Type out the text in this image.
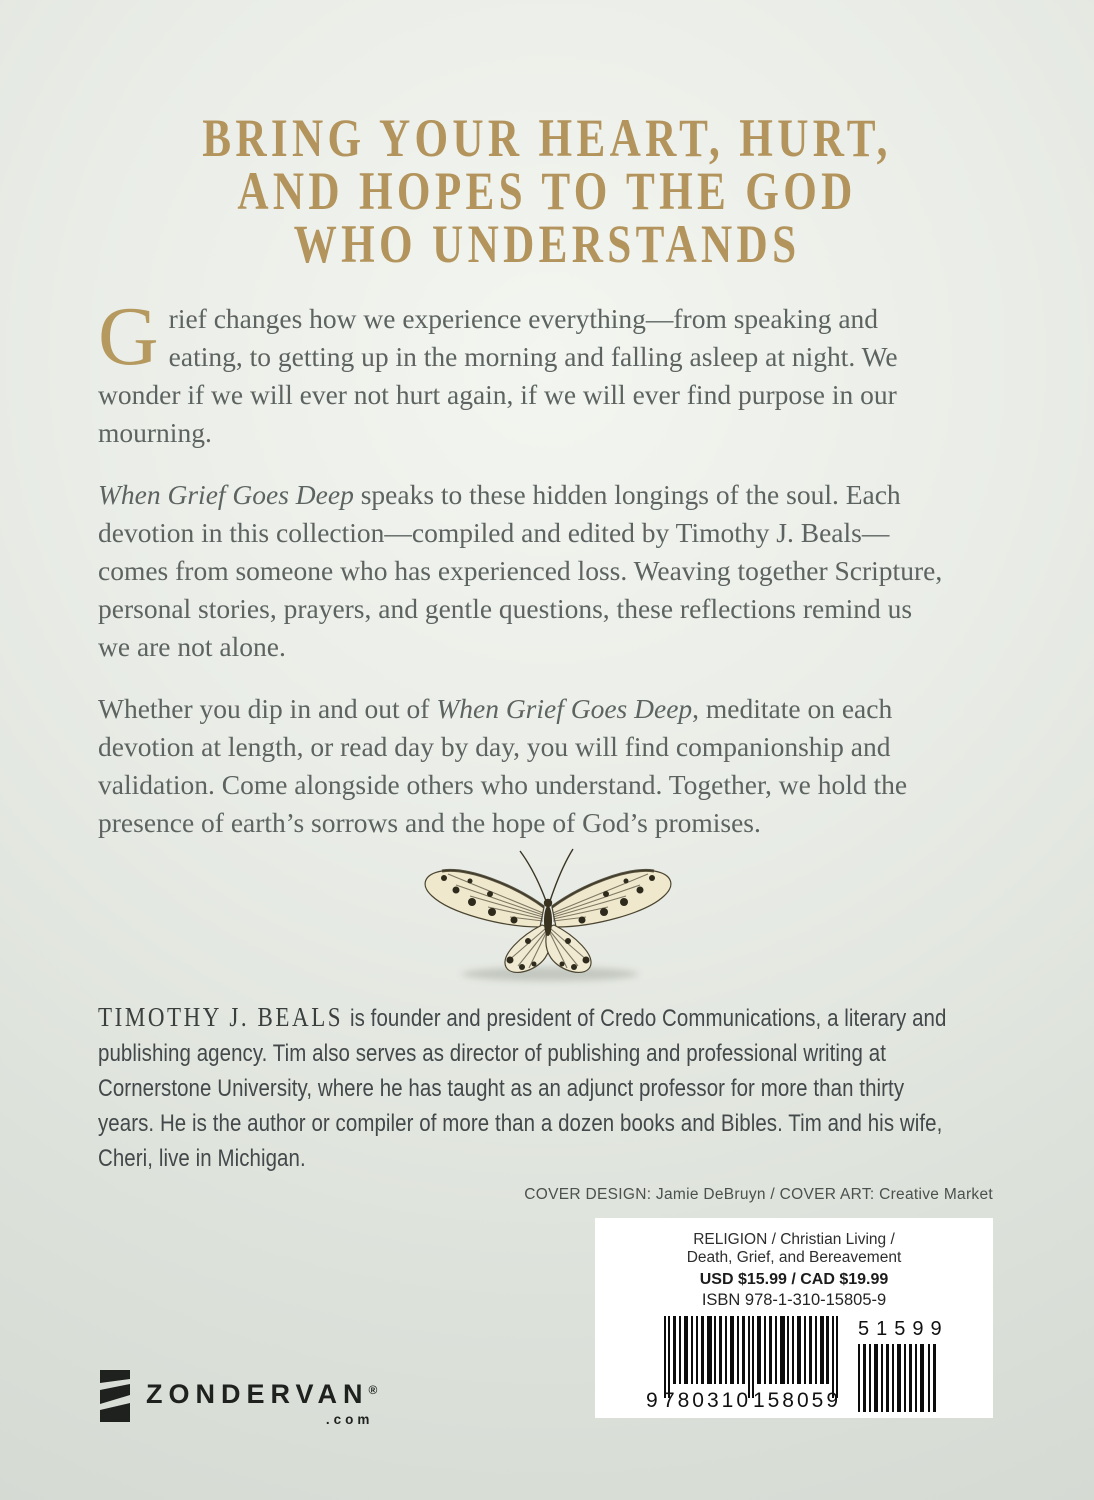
BRING YOUR HEART, HURT,
AND HOPES TO THE GOD
WHO UNDERSTANDS

Grief changes how we experience everything—from speaking and eating, to getting up in the morning and falling asleep at night. We wonder if we will ever not hurt again, if we will ever find purpose in our mourning.

When Grief Goes Deep speaks to these hidden longings of the soul. Each devotion in this collection—compiled and edited by Timothy J. Beals—comes from someone who has experienced loss. Weaving together Scripture, personal stories, prayers, and gentle questions, these reflections remind us we are not alone.

Whether you dip in and out of When Grief Goes Deep, meditate on each devotion at length, or read day by day, you will find companionship and validation. Come alongside others who understand. Together, we hold the presence of earth’s sorrows and the hope of God’s promises.

TIMOTHY J. BEALS is founder and president of Credo Communications, a literary and publishing agency. Tim also serves as director of publishing and professional writing at Cornerstone University, where he has taught as an adjunct professor for more than thirty years. He is the author or compiler of more than a dozen books and Bibles. Tim and his wife, Cheri, live in Michigan.
COVER DESIGN: Jamie DeBruyn / COVER ART: Creative Market
RELIGION / Christian Living /
Death, Grief, and Bereavement
USD $15.99 / CAD $19.99
ISBN 978-1-310-15805-9
9 780310 158059
51599
ZONDERVAN®
.com
